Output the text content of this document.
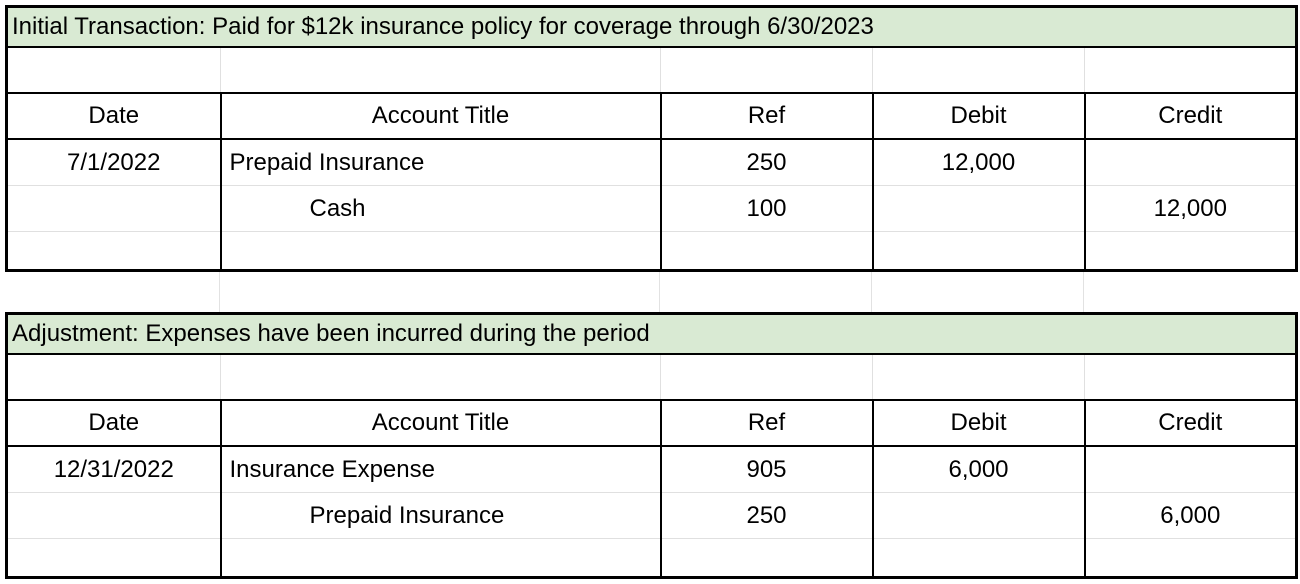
Initial Transaction: Paid for $12k insurance policy for coverage through 6/30/2023				

Date	Account Title	Ref	Debit	Credit
7/1/2022	Prepaid Insurance	250	12,000	
	Cash	100		12,000

Adjustment: Expenses have been incurred during the period				

Date	Account Title	Ref	Debit	Credit
12/31/2022	Insurance Expense	905	6,000	
	Prepaid Insurance	250		6,000
